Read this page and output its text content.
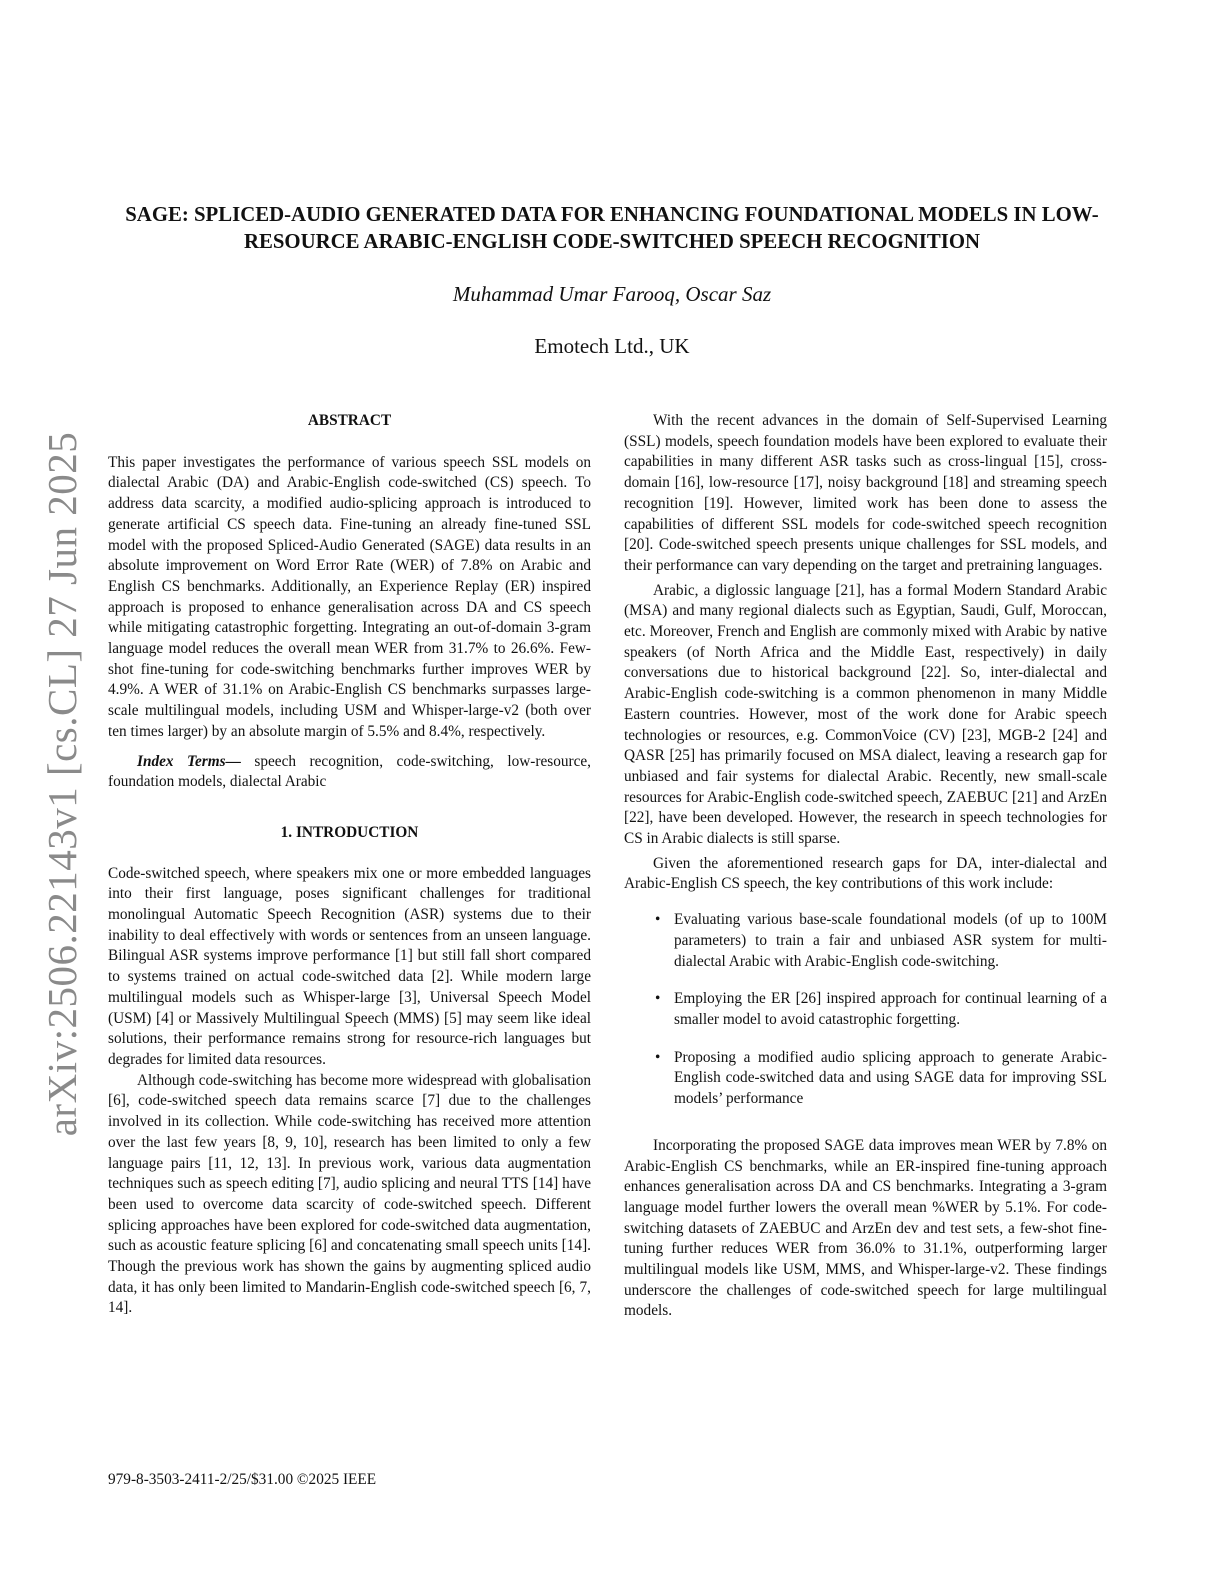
arXiv:2506.22143v1 [cs.CL] 27 Jun 2025
SAGE: SPLICED-AUDIO GENERATED DATA FOR ENHANCING FOUNDATIONAL MODELS IN LOW-RESOURCE ARABIC-ENGLISH CODE-SWITCHED SPEECH RECOGNITION
Muhammad Umar Farooq, Oscar Saz
Emotech Ltd., UK
ABSTRACT

This paper investigates the performance of various speech SSL models on dialectal Arabic (DA) and Arabic-English code-switched (CS) speech. To address data scarcity, a modified audio-splicing approach is introduced to generate artificial CS speech data. Fine-tuning an already fine-tuned SSL model with the proposed Spliced-Audio Generated (SAGE) data results in an absolute improvement on Word Error Rate (WER) of 7.8% on Arabic and English CS benchmarks. Additionally, an Experience Replay (ER) inspired approach is proposed to enhance generalisation across DA and CS speech while mitigating catastrophic forgetting. Integrating an out-of-domain 3-gram language model reduces the overall mean WER from 31.7% to 26.6%. Few-shot fine-tuning for code-switching benchmarks further improves WER by 4.9%. A WER of 31.1% on Arabic-English CS benchmarks surpasses large-scale multilingual models, including USM and Whisper-large-v2 (both over ten times larger) by an absolute margin of 5.5% and 8.4%, respectively.

Index Terms— speech recognition, code-switching, low-resource, foundation models, dialectal Arabic

1. INTRODUCTION

Code-switched speech, where speakers mix one or more embedded languages into their first language, poses significant challenges for traditional monolingual Automatic Speech Recognition (ASR) systems due to their inability to deal effectively with words or sentences from an unseen language. Bilingual ASR systems improve performance [1] but still fall short compared to systems trained on actual code-switched data [2]. While modern large multilingual models such as Whisper-large [3], Universal Speech Model (USM) [4] or Massively Multilingual Speech (MMS) [5] may seem like ideal solutions, their performance remains strong for resource-rich languages but degrades for limited data resources.

Although code-switching has become more widespread with globalisation [6], code-switched speech data remains scarce [7] due to the challenges involved in its collection. While code-switching has received more attention over the last few years [8, 9, 10], research has been limited to only a few language pairs [11, 12, 13]. In previous work, various data augmentation techniques such as speech editing [7], audio splicing and neural TTS [14] have been used to overcome data scarcity of code-switched speech. Different splicing approaches have been explored for code-switched data augmentation, such as acoustic feature splicing [6] and concatenating small speech units [14]. Though the previous work has shown the gains by augmenting spliced audio data, it has only been limited to Mandarin-English code-switched speech [6, 7, 14].

With the recent advances in the domain of Self-Supervised Learning (SSL) models, speech foundation models have been explored to evaluate their capabilities in many different ASR tasks such as cross-lingual [15], cross-domain [16], low-resource [17], noisy background [18] and streaming speech recognition [19]. However, limited work has been done to assess the capabilities of different SSL models for code-switched speech recognition [20]. Code-switched speech presents unique challenges for SSL models, and their performance can vary depending on the target and pretraining languages.

Arabic, a diglossic language [21], has a formal Modern Standard Arabic (MSA) and many regional dialects such as Egyptian, Saudi, Gulf, Moroccan, etc. Moreover, French and English are commonly mixed with Arabic by native speakers (of North Africa and the Middle East, respectively) in daily conversations due to historical background [22]. So, inter-dialectal and Arabic-English code-switching is a common phenomenon in many Middle Eastern countries. However, most of the work done for Arabic speech technologies or resources, e.g. CommonVoice (CV) [23], MGB-2 [24] and QASR [25] has primarily focused on MSA dialect, leaving a research gap for unbiased and fair systems for dialectal Arabic. Recently, new small-scale resources for Arabic-English code-switched speech, ZAEBUC [21] and ArzEn [22], have been developed. However, the research in speech technologies for CS in Arabic dialects is still sparse.

Given the aforementioned research gaps for DA, inter-dialectal and Arabic-English CS speech, the key contributions of this work include:

• Evaluating various base-scale foundational models (of up to 100M parameters) to train a fair and unbiased ASR system for multi-dialectal Arabic with Arabic-English code-switching.
• Employing the ER [26] inspired approach for continual learning of a smaller model to avoid catastrophic forgetting.
• Proposing a modified audio splicing approach to generate Arabic-English code-switched data and using SAGE data for improving SSL models’ performance

Incorporating the proposed SAGE data improves mean WER by 7.8% on Arabic-English CS benchmarks, while an ER-inspired fine-tuning approach enhances generalisation across DA and CS benchmarks. Integrating a 3-gram language model further lowers the overall mean %WER by 5.1%. For code-switching datasets of ZAEBUC and ArzEn dev and test sets, a few-shot fine-tuning further reduces WER from 36.0% to 31.1%, outperforming larger multilingual models like USM, MMS, and Whisper-large-v2. These findings underscore the challenges of code-switched speech for large multilingual models.

979-8-3503-2411-2/25/$31.00 ©2025 IEEE
